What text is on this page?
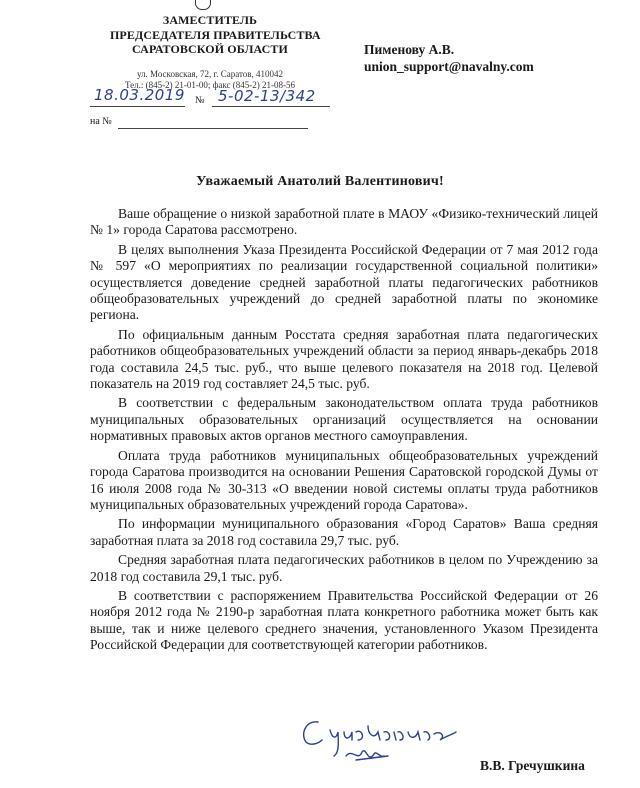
ЗАМЕСТИТЕЛЬ
ПРЕДСЕДАТЕЛЯ ПРАВИТЕЛЬСТВА
САРАТОВСКОЙ ОБЛАСТИ
ул. Московская, 72, г. Саратов, 410042
Тел.: (845-2) 21-01-00; факс (845-2) 21-08-56
Пименову А.В.
union_support@navalny.com
№
18.03.2019 5-02-13/342
на №
Уважаемый Анатолий Валентинович!

Ваше обращение о низкой заработной плате в МАОУ «Физико-технический лицей № 1» города Саратова рассмотрено.

В целях выполнения Указа Президента Российской Федерации от 7 мая 2012 года № 597 «О мероприятиях по реализации государственной социальной политики» осуществляется доведение средней заработной платы педагогических работников общеобразовательных учреждений до средней заработной платы по экономике региона.

По официальным данным Росстата средняя заработная плата педагогических работников общеобразовательных учреждений области за период январь-декабрь 2018 года составила 24,5 тыс. руб., что выше целевого показателя на 2018 год. Целевой показатель на 2019 год составляет 24,5 тыс. руб.

В соответствии с федеральным законодательством оплата труда работников муниципальных образовательных организаций осуществляется на основании нормативных правовых актов органов местного самоуправления.

Оплата труда работников муниципальных общеобразовательных учреждений города Саратова производится на основании Решения Саратовской городской Думы от 16 июля 2008 года № 30-313 «О введении новой системы оплаты труда работников муниципальных образовательных учреждений города Саратова».

По информации муниципального образования «Город Саратов» Ваша средняя заработная плата за 2018 год составила 29,7 тыс. руб.

Средняя заработная плата педагогических работников в целом по Учреждению за 2018 год составила 29,1 тыс. руб.

В соответствии с распоряжением Правительства Российской Федерации от 26 ноября 2012 года № 2190-р заработная плата конкретного работника может быть как выше, так и ниже целевого среднего значения, установленного Указом Президента Российской Федерации для соответствующей категории работников.

В.В. Гречушкина
